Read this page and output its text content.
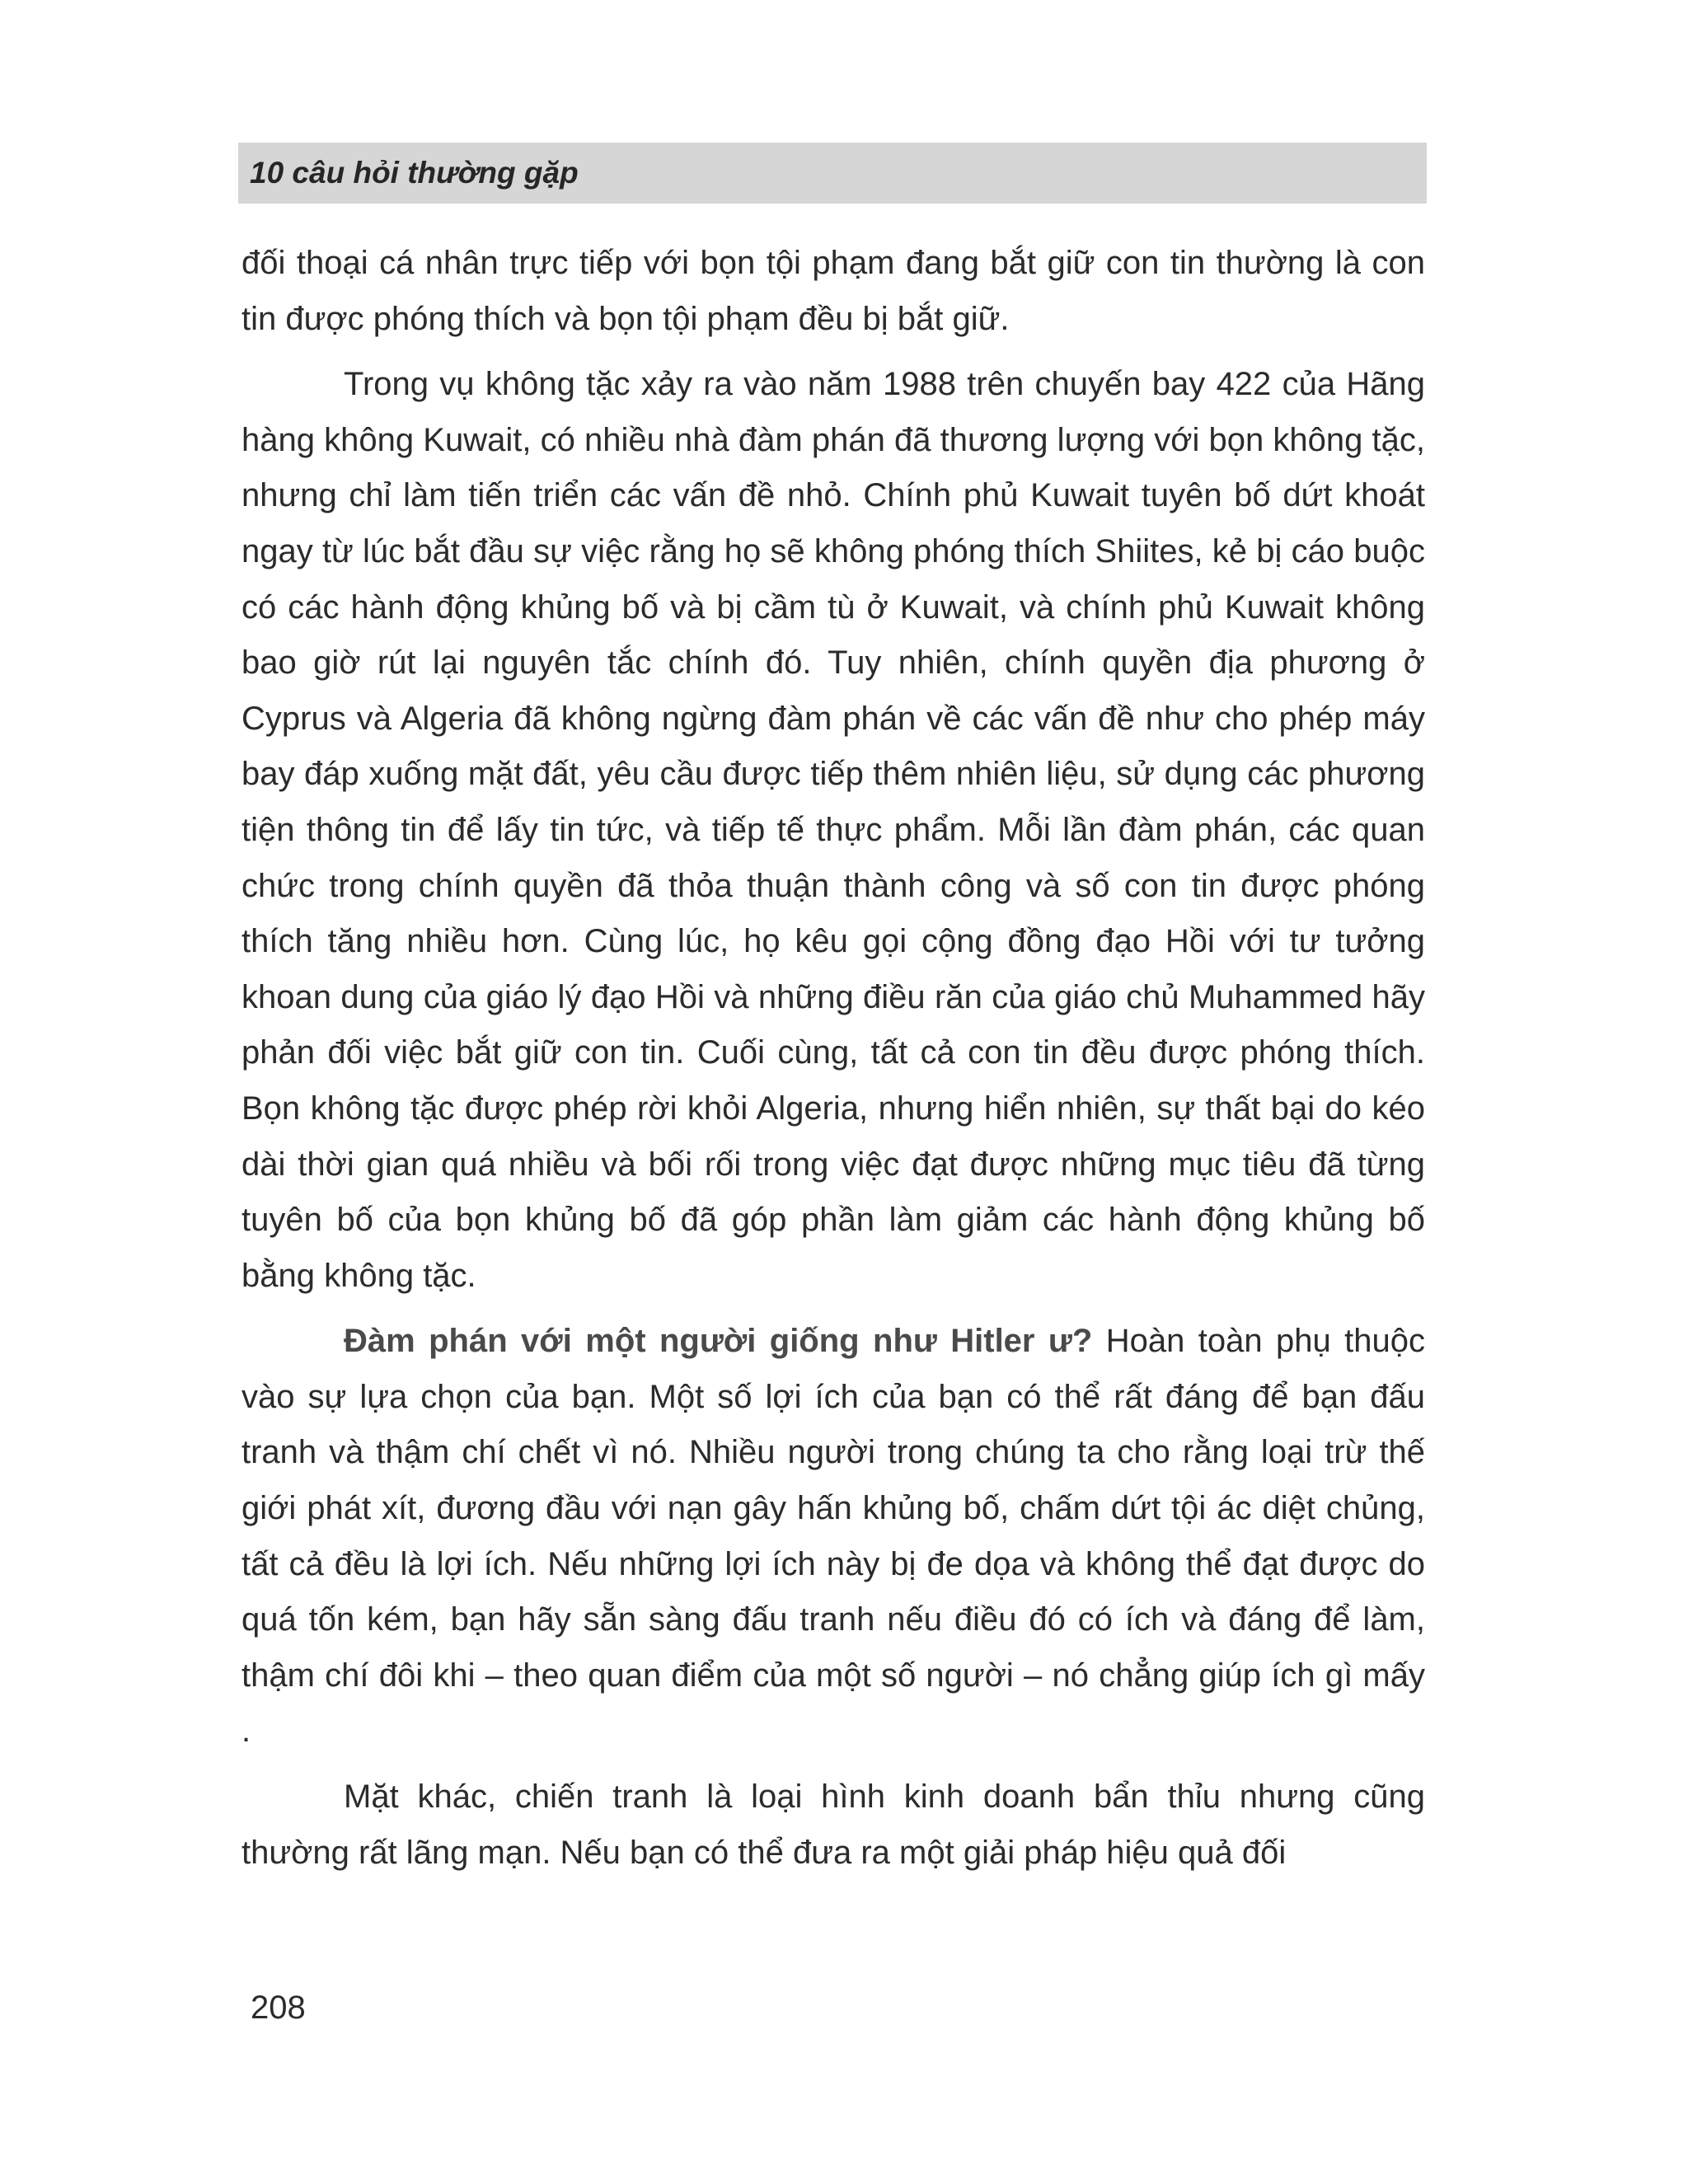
10 câu hỏi thường gặp

đối thoại cá nhân trực tiếp với bọn tội phạm đang bắt giữ con tin thường là con tin được phóng thích và bọn tội phạm đều bị bắt giữ.

Trong vụ không tặc xảy ra vào năm 1988 trên chuyến bay 422 của Hãng hàng không Kuwait, có nhiều nhà đàm phán đã thương lượng với bọn không tặc, nhưng chỉ làm tiến triển các vấn đề nhỏ. Chính phủ Kuwait tuyên bố dứt khoát ngay từ lúc bắt đầu sự việc rằng họ sẽ không phóng thích Shiites, kẻ bị cáo buộc có các hành động khủng bố và bị cầm tù ở Kuwait, và chính phủ Kuwait không bao giờ rút lại nguyên tắc chính đó. Tuy nhiên, chính quyền địa phương ở Cyprus và Algeria đã không ngừng đàm phán về các vấn đề như cho phép máy bay đáp xuống mặt đất, yêu cầu được tiếp thêm nhiên liệu, sử dụng các phương tiện thông tin để lấy tin tức, và tiếp tế thực phẩm. Mỗi lần đàm phán, các quan chức trong chính quyền đã thỏa thuận thành công và số con tin được phóng thích tăng nhiều hơn. Cùng lúc, họ kêu gọi cộng đồng đạo Hồi với tư tưởng khoan dung của giáo lý đạo Hồi và những điều răn của giáo chủ Muhammed hãy phản đối việc bắt giữ con tin. Cuối cùng, tất cả con tin đều được phóng thích. Bọn không tặc được phép rời khỏi Algeria, nhưng hiển nhiên, sự thất bại do kéo dài thời gian quá nhiều và bối rối trong việc đạt được những mục tiêu đã từng tuyên bố của bọn khủng bố đã góp phần làm giảm các hành động khủng bố bằng không tặc.

Đàm phán với một người giống như Hitler ư? Hoàn toàn phụ thuộc vào sự lựa chọn của bạn. Một số lợi ích của bạn có thể rất đáng để bạn đấu tranh và thậm chí chết vì nó. Nhiều người trong chúng ta cho rằng loại trừ thế giới phát xít, đương đầu với nạn gây hấn khủng bố, chấm dứt tội ác diệt chủng, tất cả đều là lợi ích. Nếu những lợi ích này bị đe dọa và không thể đạt được do quá tốn kém, bạn hãy sẵn sàng đấu tranh nếu điều đó có ích và đáng để làm, thậm chí đôi khi – theo quan điểm của một số người – nó chẳng giúp ích gì mấy .

Mặt khác, chiến tranh là loại hình kinh doanh bẩn thỉu nhưng cũng thường rất lãng mạn. Nếu bạn có thể đưa ra một giải pháp hiệu quả đối

208
